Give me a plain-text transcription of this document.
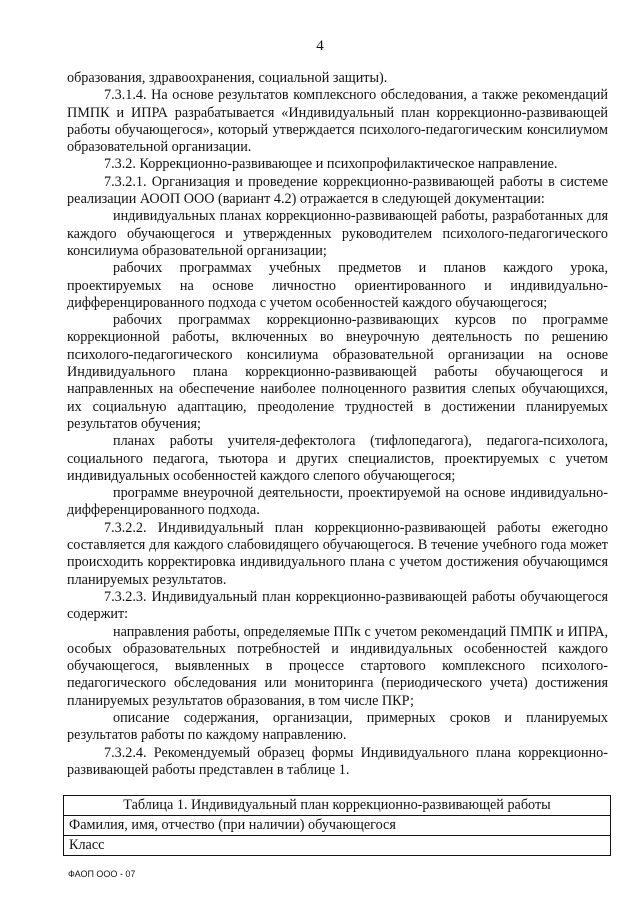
4

образования, здравоохранения, социальной защиты).

7.3.1.4. На основе результатов комплексного обследования, а также рекомендаций ПМПК и ИПРА разрабатывается «Индивидуальный план коррекционно-развивающей работы обучающегося», который утверждается психолого-педагогическим консилиумом образовательной организации.

7.3.2. Коррекционно-развивающее и психопрофилактическое направление.

7.3.2.1. Организация и проведение коррекционно-развивающей работы в системе реализации АООП ООО (вариант 4.2) отражается в следующей документации:

индивидуальных планах коррекционно-развивающей работы, разработанных для каждого обучающегося и утвержденных руководителем психолого-педагогического консилиума образовательной организации;

рабочих программах учебных предметов и планов каждого урока, проектируемых на основе личностно ориентированного и индивидуально-дифференцированного подхода с учетом особенностей каждого обучающегося;

рабочих программах коррекционно-развивающих курсов по программе коррекционной работы, включенных во внеурочную деятельность по решению психолого-педагогического консилиума образовательной организации на основе Индивидуального плана коррекционно-развивающей работы обучающегося и направленных на обеспечение наиболее полноценного развития слепых обучающихся, их социальную адаптацию, преодоление трудностей в достижении планируемых результатов обучения;

планах работы учителя-дефектолога (тифлопедагога), педагога-психолога, социального педагога, тьютора и других специалистов, проектируемых с учетом индивидуальных особенностей каждого слепого обучающегося;

программе внеурочной деятельности, проектируемой на основе индивидуально-дифференцированного подхода.

7.3.2.2. Индивидуальный план коррекционно-развивающей работы ежегодно составляется для каждого слабовидящего обучающегося. В течение учебного года может происходить корректировка индивидуального плана с учетом достижения обучающимся планируемых результатов.

7.3.2.3. Индивидуальный план коррекционно-развивающей работы обучающегося содержит:

направления работы, определяемые ППк с учетом рекомендаций ПМПК и ИПРА, особых образовательных потребностей и индивидуальных особенностей каждого обучающегося, выявленных в процессе стартового комплексного психолого-педагогического обследования или мониторинга (периодического учета) достижения планируемых результатов образования, в том числе ПКР;

описание содержания, организации, примерных сроков и планируемых результатов работы по каждому направлению.

7.3.2.4. Рекомендуемый образец формы Индивидуального плана коррекционно-развивающей работы представлен в таблице 1.

Таблица 1. Индивидуальный план коррекционно-развивающей работы
Фамилия, имя, отчество (при наличии) обучающегося
Класс
ФАОП ООО - 07
